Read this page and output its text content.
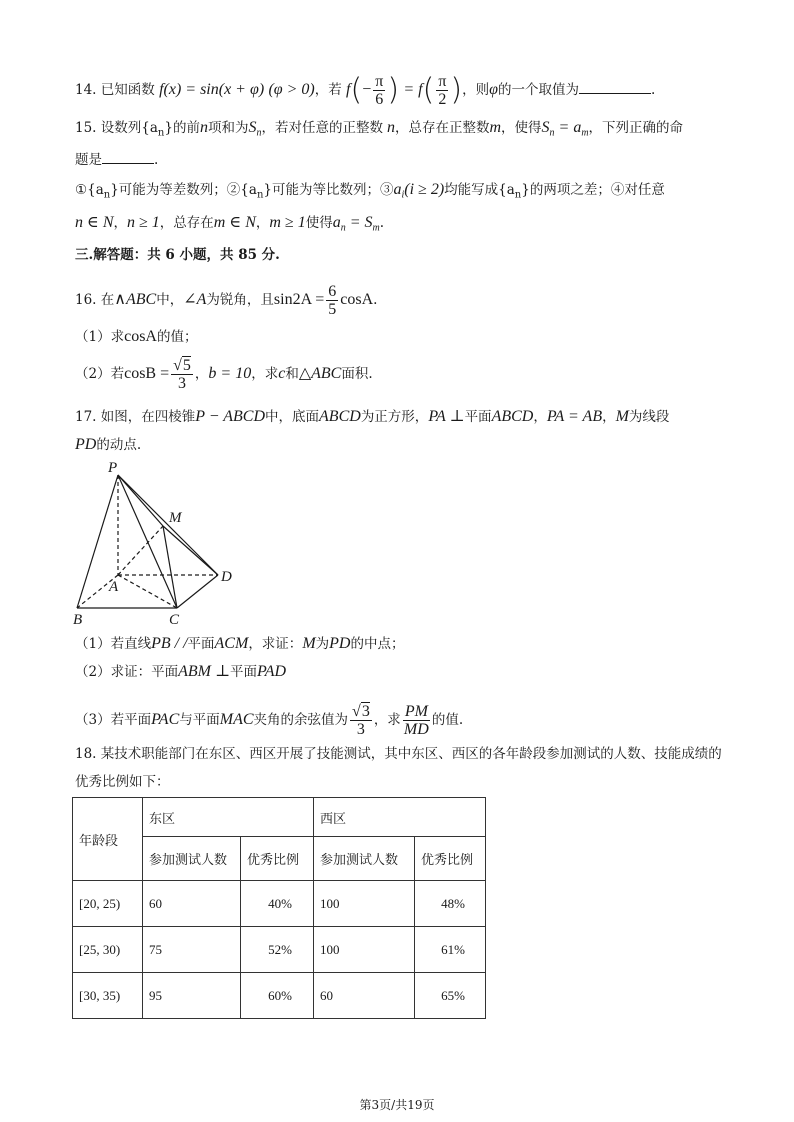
14. 已知函数 f(x) = sin(x + φ) (φ > 0)，若 $f(- \frac{\pi}{6}$ ) = $f( \frac{\pi}{2}$ )，则φ的一个取值为	.
15. 设数列$\{a_n\}$的前n项和为$S_n$，若对任意的正整数 n，总存在正整数m，使得$S_n = a_m$，下列正确的命
题是	.
$①\{a_n\}$可能为等差数列；$②\{a_n\}$可能为等比数列；$③a_i(i \ge 2)$均能写成$\{a_n\}$的两项之差；④对任意
n ∈ N，n ≥ 1，总存在m ∈ N，m ≥ 1使得$a_n = S_m$.
三.解答题：共 6 小题，共 85 分.
16. 在∧ABC中，∠A为锐角，且$\sin 2A = \frac{6}{5} \cos A$.
（1）求cosA的值；
（2）若$\cos B = \frac{√5}{3}$ ，b = 10，求c和△ABC面积.
17. 如图，在四棱锥P − ABCD中，底面ABCD为正方形，PA ⊥平面ABCD，PA = AB，M为线段
PD的动点.
P
M
A
D
B	C
（1）若直线PB / /平面ACM，求证：M为PD的中点；
（2）求证：平面ABM ⊥平面PAD
（3）若平面PAC与平面MAC夹角的余弦值为 $\frac{√3}{3}$ ，求 $\frac{PM}{MD}$ 的值.
18. 某技术职能部门在东区、西区开展了技能测试，其中东区、西区的各年龄段参加测试的人数、技能成绩的
优秀比例如下：
年龄段	东区		西区	
	参加测试人数	优秀比例	参加测试人数	优秀比例
[20, 25)	60	40%	100	48%
[25, 30)	75	52%	100	61%
[30, 35)	95	60%	60	65%
第3页/共19页
